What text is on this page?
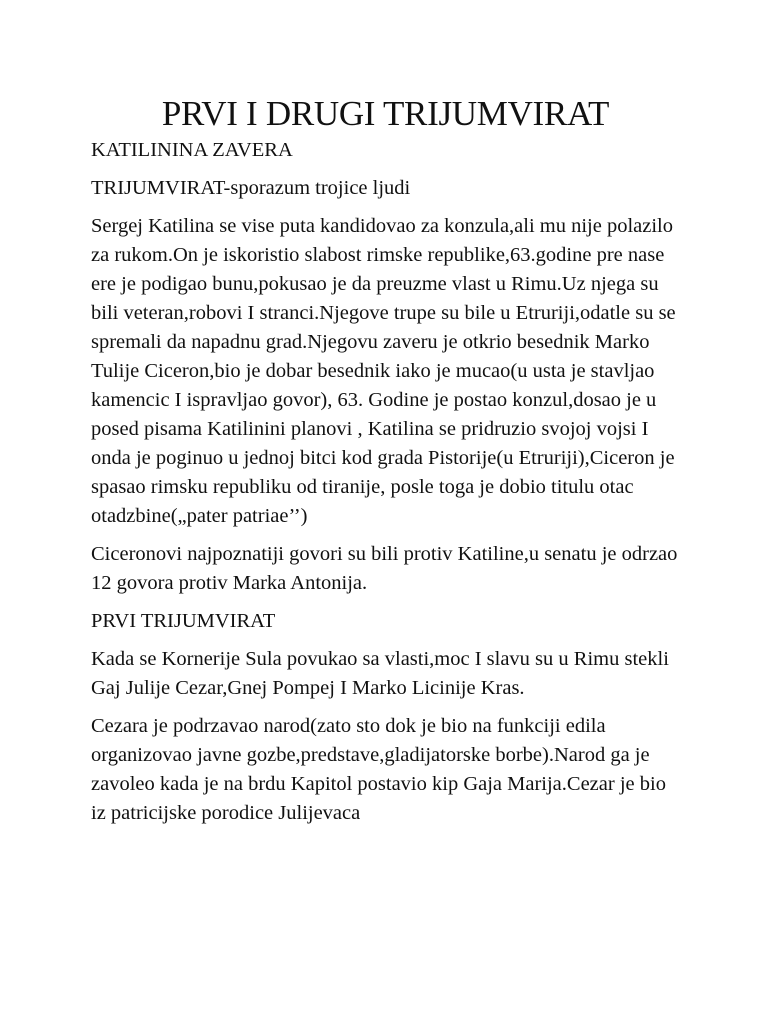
PRVI I DRUGI TRIJUMVIRAT

KATILININA ZAVERA

TRIJUMVIRAT-sporazum trojice ljudi

Sergej Katilina se vise puta kandidovao za konzula,ali mu nije polazilo za rukom.On je iskoristio slabost rimske republike,63.godine pre nase ere je podigao bunu,pokusao je da preuzme vlast u Rimu.Uz njega su bili veteran,robovi I stranci.Njegove trupe su bile u Etruriji,odatle su se spremali da napadnu grad.Njegovu zaveru je otkrio besednik Marko Tulije Ciceron,bio je dobar besednik iako je mucao(u usta je stavljao kamencic I ispravljao govor), 63. Godine je postao konzul,dosao je u posed pisama Katilinini planovi , Katilina se pridruzio svojoj vojsi I onda je poginuo u jednoj bitci kod grada Pistorije(u Etruriji),Ciceron je spasao rimsku republiku od tiranije, posle toga je dobio titulu otac otadzbine(„pater patriae’’)

Ciceronovi najpoznatiji govori su bili protiv Katiline,u senatu je odrzao 12 govora protiv Marka Antonija.

PRVI TRIJUMVIRAT

Kada se Kornerije Sula povukao sa vlasti,moc I slavu su u Rimu stekli Gaj Julije Cezar,Gnej Pompej I Marko Licinije Kras.

Cezara je podrzavao narod(zato sto dok je bio na funkciji edila organizovao javne gozbe,predstave,gladijatorske borbe).Narod ga je zavoleo kada je na brdu Kapitol postavio kip Gaja Marija.Cezar je bio iz patricijske porodice Julijevaca
